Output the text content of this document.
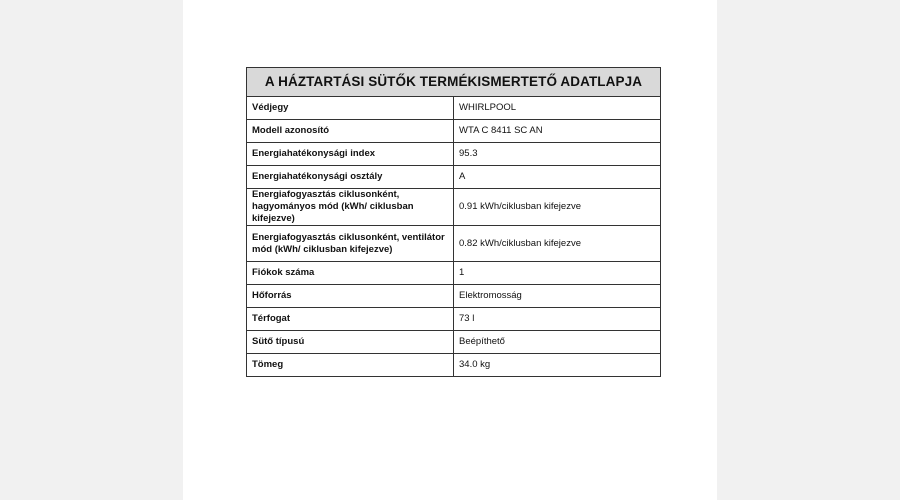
A HÁZTARTÁSI SÜTŐK TERMÉKISMERTETŐ ADATLAPJA	
Védjegy	WHIRLPOOL
Modell azonosító	WTA C 8411 SC AN
Energiahatékonysági index	95.3
Energiahatékonysági osztály	A
Energiafogyasztás ciklusonként, hagyományos mód (kWh/ ciklusban kifejezve)	0.91 kWh/ciklusban kifejezve
Energiafogyasztás ciklusonként, ventilátor mód (kWh/ ciklusban kifejezve)	0.82 kWh/ciklusban kifejezve
Fiókok száma	1
Hőforrás	Elektromosság
Térfogat	73 l
Sütő típusú	Beépíthető
Tömeg	34.0 kg
